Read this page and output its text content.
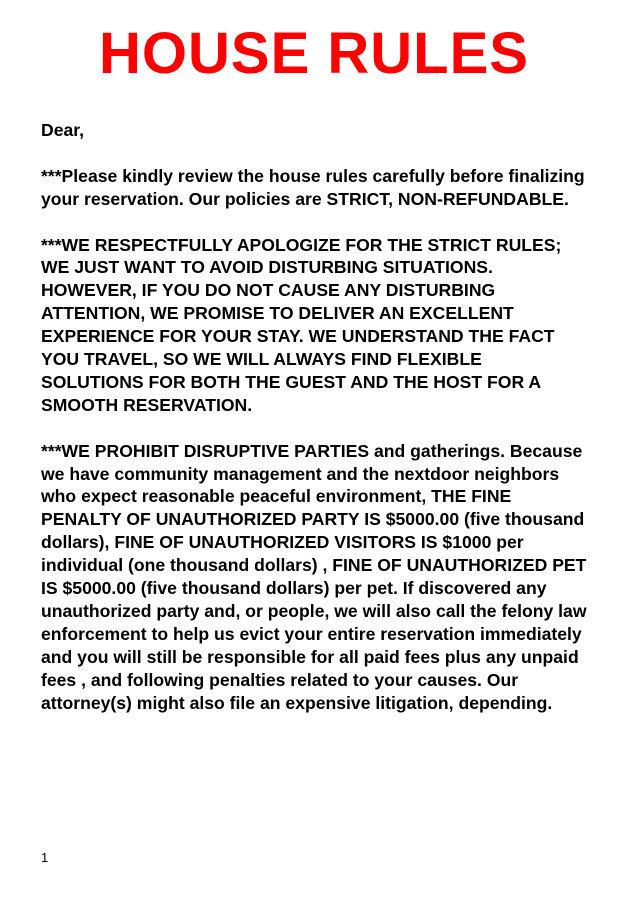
HOUSE RULES

Dear,

***Please kindly review the house rules carefully before finalizing your reservation. Our policies are STRICT, NON-REFUNDABLE.

***WE RESPECTFULLY APOLOGIZE FOR THE STRICT RULES; WE JUST WANT TO AVOID DISTURBING SITUATIONS. HOWEVER, IF YOU DO NOT CAUSE ANY DISTURBING ATTENTION, WE PROMISE TO DELIVER AN EXCELLENT EXPERIENCE FOR YOUR STAY. WE UNDERSTAND THE FACT YOU TRAVEL, SO WE WILL ALWAYS FIND FLEXIBLE  SOLUTIONS FOR BOTH THE GUEST AND THE HOST FOR A SMOOTH RESERVATION.

***WE PROHIBIT DISRUPTIVE PARTIES and gatherings. Because we have community management and the nextdoor neighbors who expect reasonable peaceful environment, THE FINE PENALTY OF UNAUTHORIZED PARTY IS $5000.00 (five thousand dollars), FINE OF UNAUTHORIZED VISITORS IS $1000 per individual (one thousand dollars) , FINE OF UNAUTHORIZED PET IS $5000.00 (five thousand dollars) per pet. If discovered any unauthorized party and, or people, we will also call the felony law enforcement to help us evict your entire reservation immediately and you will still be responsible for all paid fees plus any unpaid fees , and following penalties related to your causes. Our attorney(s) might also file an expensive litigation, depending.

1
